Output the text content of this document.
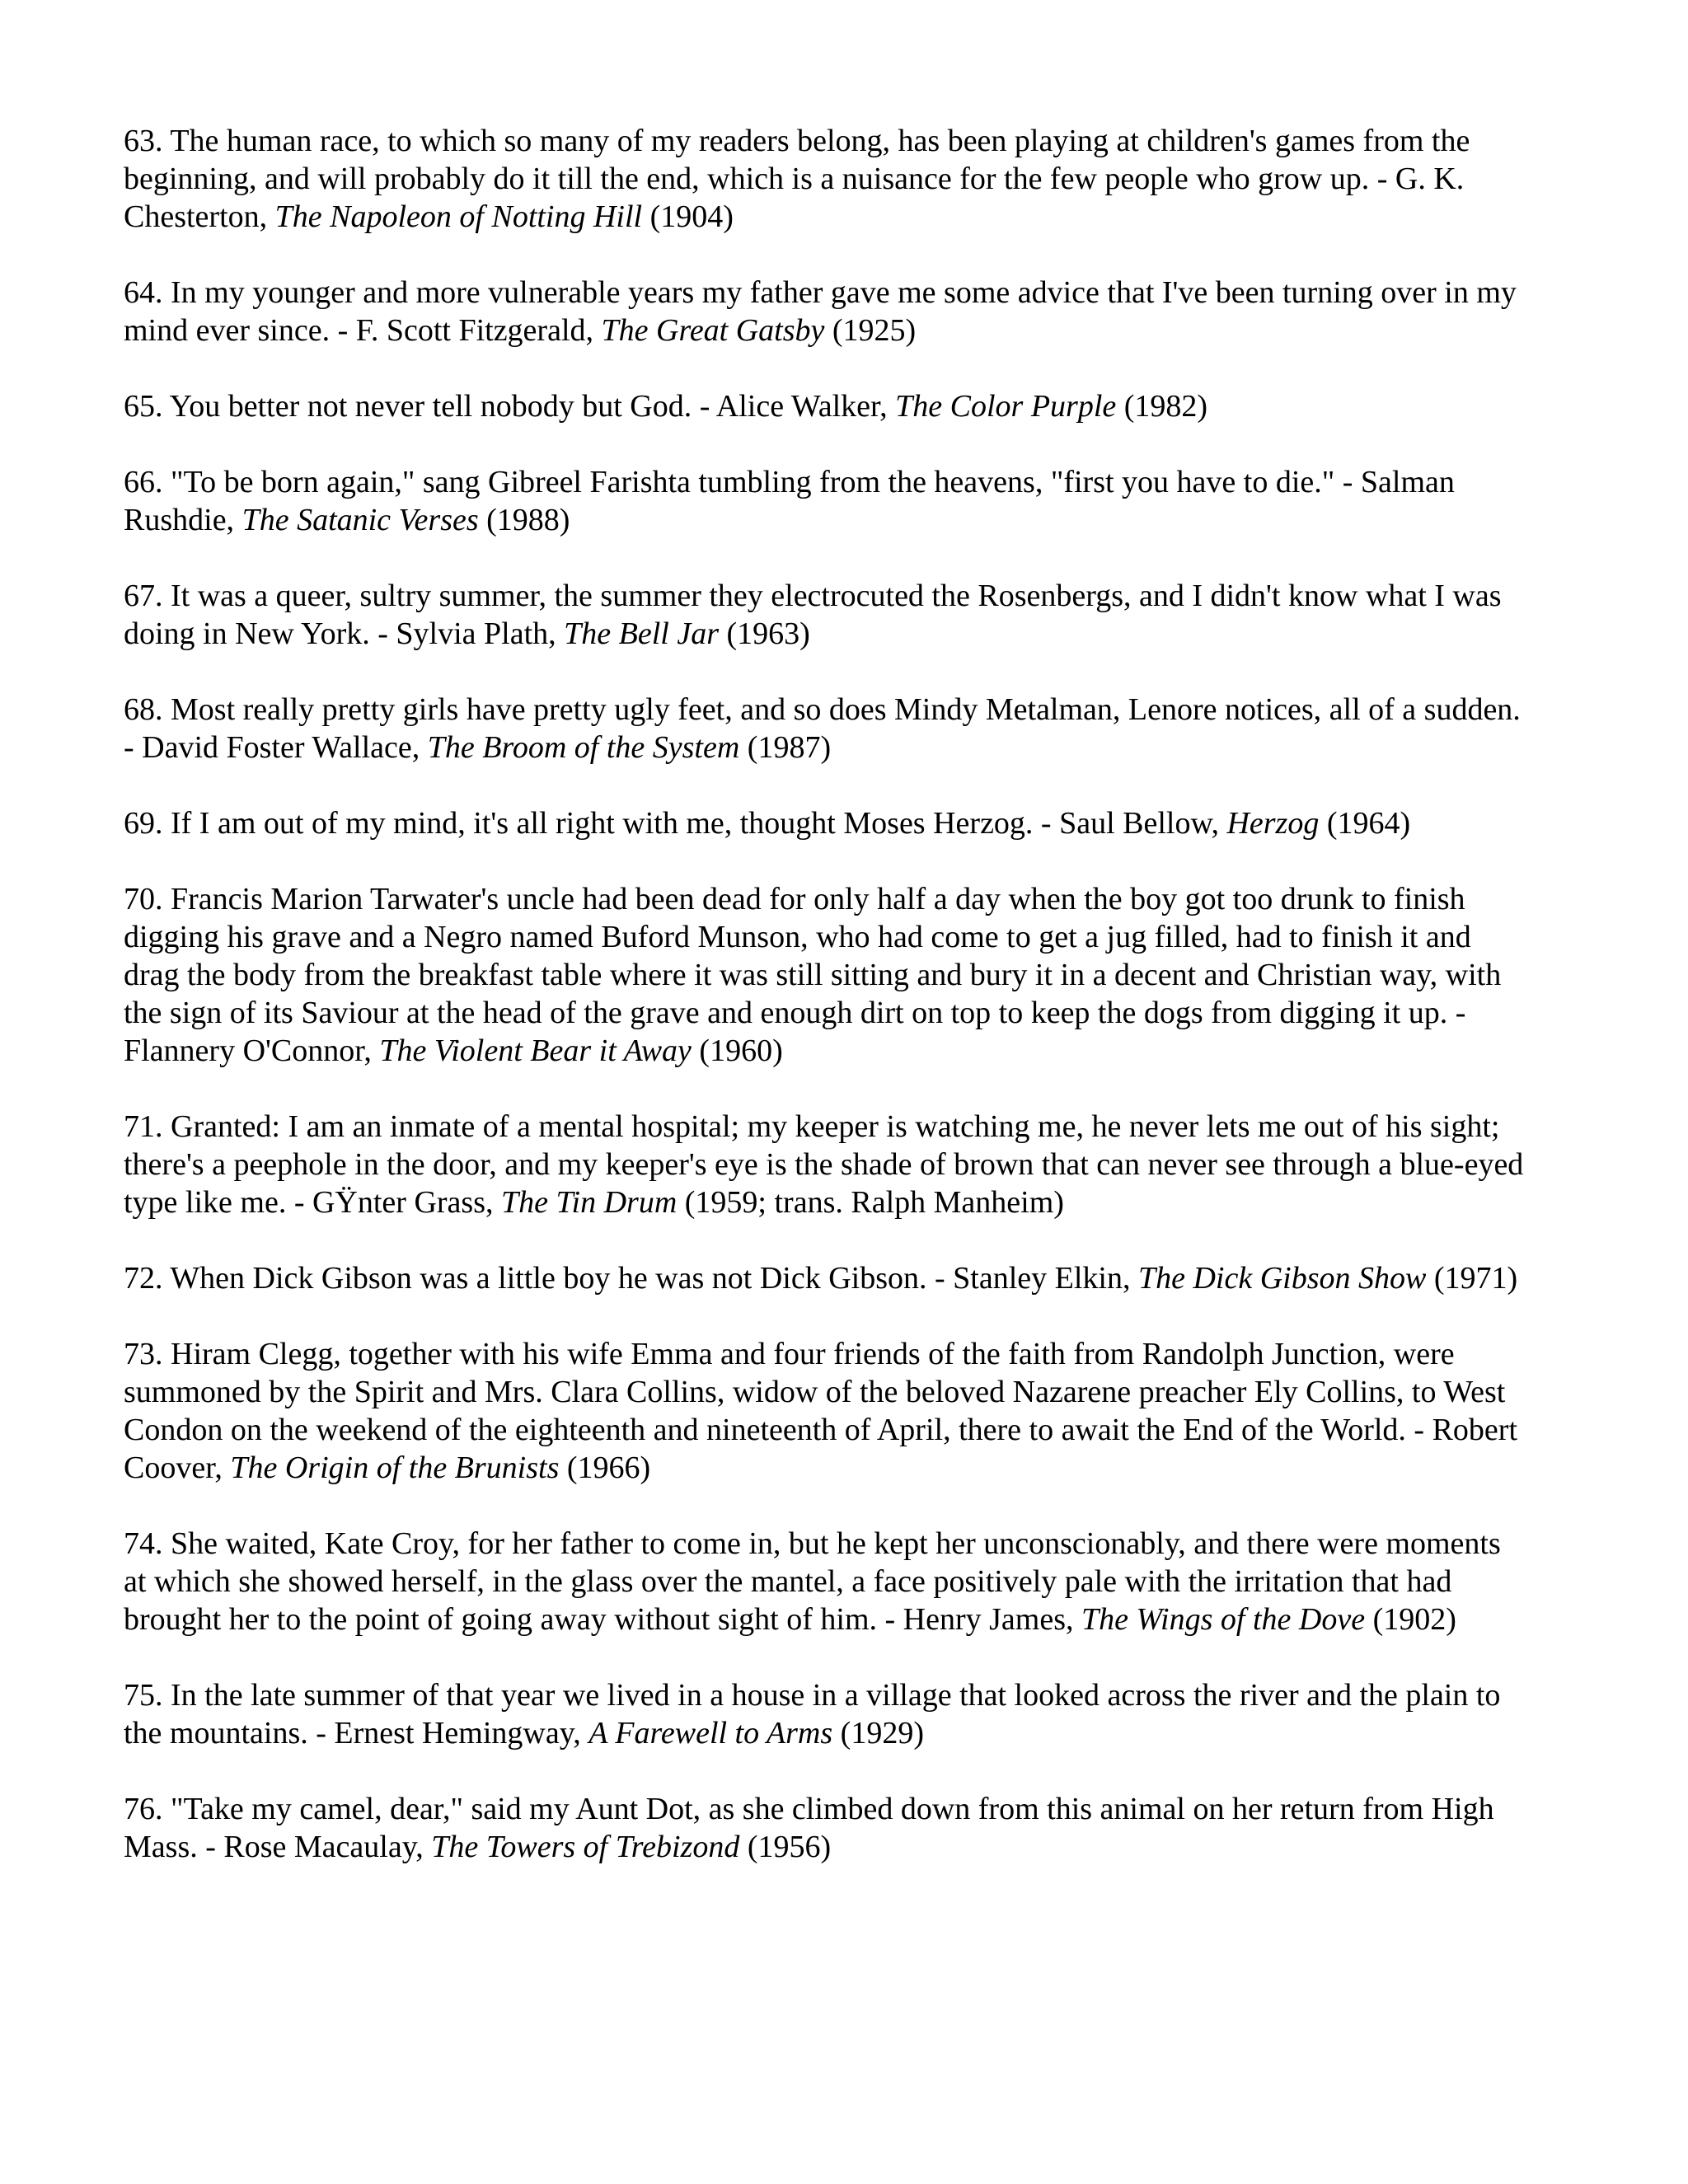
63. The human race, to which so many of my readers belong, has been playing at children's games from the beginning, and will probably do it till the end, which is a nuisance for the few people who grow up. - G. K. Chesterton, The Napoleon of Notting Hill (1904)

64. In my younger and more vulnerable years my father gave me some advice that I've been turning over in my mind ever since. - F. Scott Fitzgerald, The Great Gatsby (1925)

65. You better not never tell nobody but God. - Alice Walker, The Color Purple (1982)

66. "To be born again," sang Gibreel Farishta tumbling from the heavens, "first you have to die." - Salman Rushdie, The Satanic Verses (1988)

67. It was a queer, sultry summer, the summer they electrocuted the Rosenbergs, and I didn't know what I was doing in New York. - Sylvia Plath, The Bell Jar (1963)

68. Most really pretty girls have pretty ugly feet, and so does Mindy Metalman, Lenore notices, all of a sudden. - David Foster Wallace, The Broom of the System (1987)

69. If I am out of my mind, it's all right with me, thought Moses Herzog. - Saul Bellow, Herzog (1964)

70. Francis Marion Tarwater's uncle had been dead for only half a day when the boy got too drunk to finish digging his grave and a Negro named Buford Munson, who had come to get a jug filled, had to finish it and drag the body from the breakfast table where it was still sitting and bury it in a decent and Christian way, with the sign of its Saviour at the head of the grave and enough dirt on top to keep the dogs from digging it up. - Flannery O'Connor, The Violent Bear it Away (1960)

71. Granted: I am an inmate of a mental hospital; my keeper is watching me, he never lets me out of his sight; there's a peephole in the door, and my keeper's eye is the shade of brown that can never see through a blue-eyed type like me. - GŸnter Grass, The Tin Drum (1959; trans. Ralph Manheim)

72. When Dick Gibson was a little boy he was not Dick Gibson. - Stanley Elkin, The Dick Gibson Show (1971)

73. Hiram Clegg, together with his wife Emma and four friends of the faith from Randolph Junction, were summoned by the Spirit and Mrs. Clara Collins, widow of the beloved Nazarene preacher Ely Collins, to West Condon on the weekend of the eighteenth and nineteenth of April, there to await the End of the World. - Robert Coover, The Origin of the Brunists (1966)

74. She waited, Kate Croy, for her father to come in, but he kept her unconscionably, and there were moments at which she showed herself, in the glass over the mantel, a face positively pale with the irritation that had brought her to the point of going away without sight of him. - Henry James, The Wings of the Dove (1902)

75. In the late summer of that year we lived in a house in a village that looked across the river and the plain to the mountains. - Ernest Hemingway, A Farewell to Arms (1929)

76. "Take my camel, dear," said my Aunt Dot, as she climbed down from this animal on her return from High Mass. - Rose Macaulay, The Towers of Trebizond (1956)
